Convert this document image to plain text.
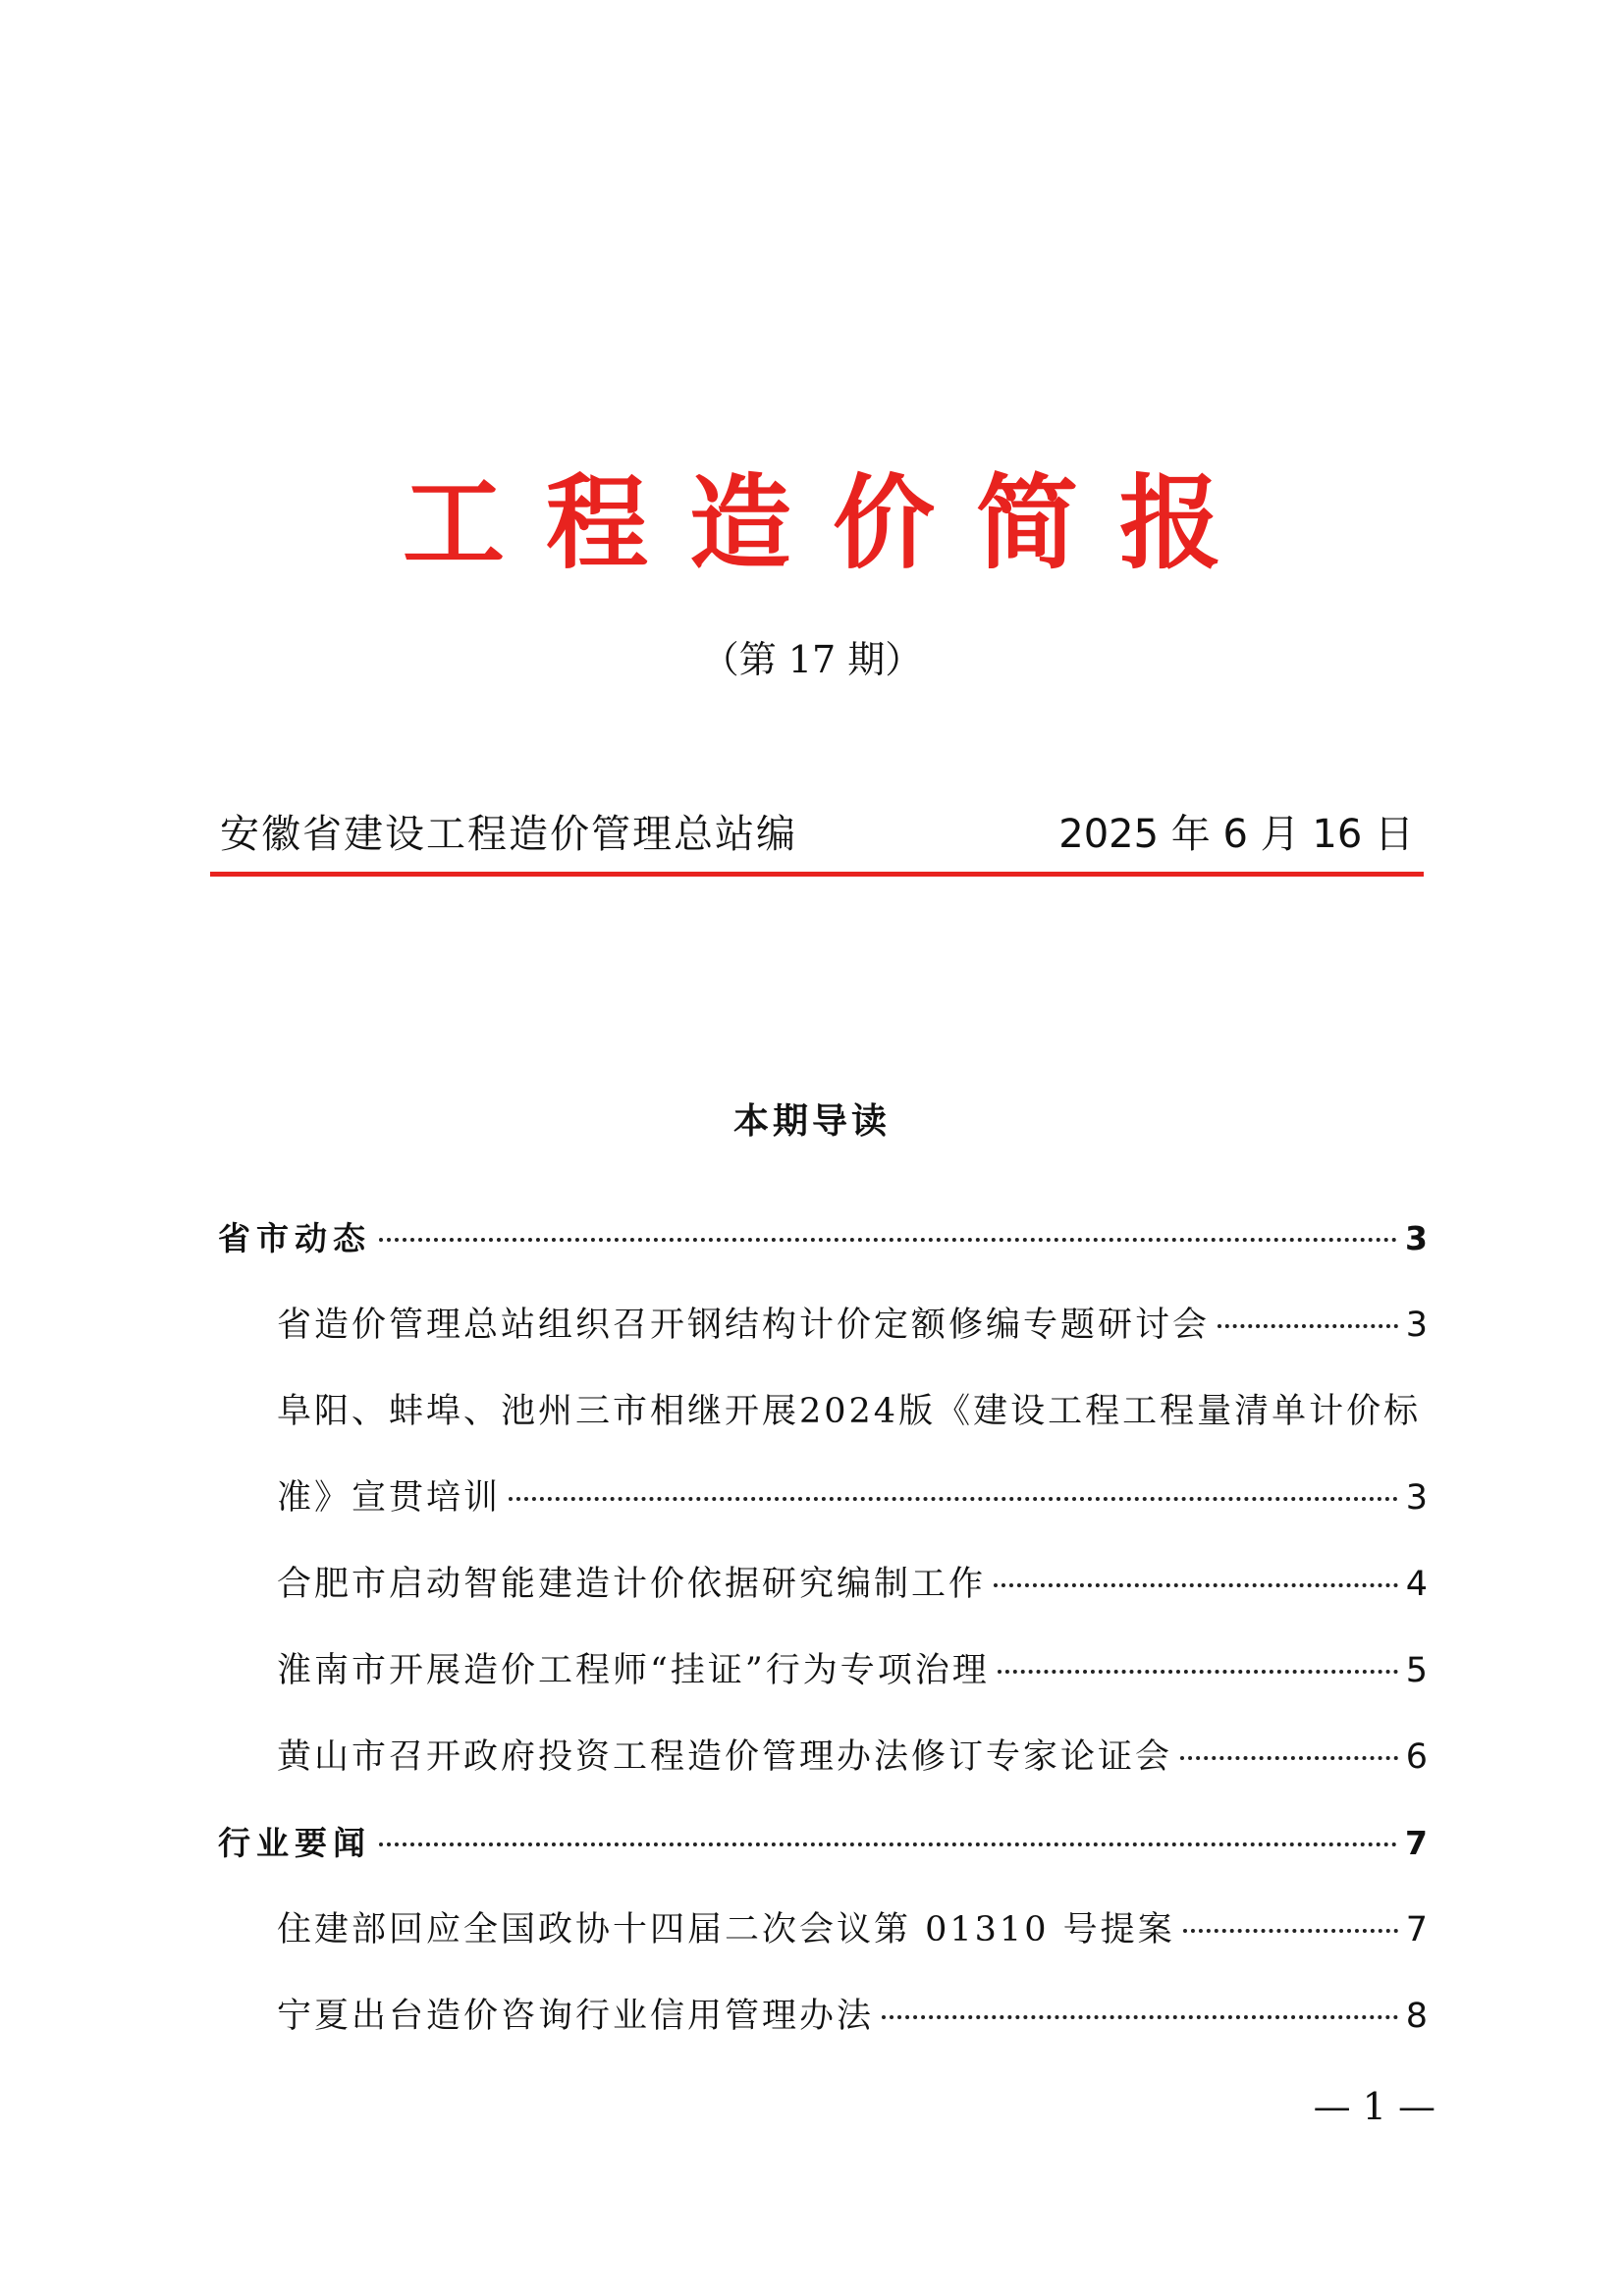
工程造价简报
（第 17 期）
安徽省建设工程造价管理总站编	2025 年 6 月 16 日
本期导读
省市动态	3
省造价管理总站组织召开钢结构计价定额修编专题研讨会	3
阜阳、蚌埠、池州三市相继开展2024版《建设工程工程量清单计价标
准》宣贯培训	3
合肥市启动智能建造计价依据研究编制工作	4
淮南市开展造价工程师“挂证”行为专项治理	5
黄山市召开政府投资工程造价管理办法修订专家论证会	6
行业要闻	7
住建部回应全国政协十四届二次会议第 01310 号提案	7
宁夏出台造价咨询行业信用管理办法	8
— 1 —
